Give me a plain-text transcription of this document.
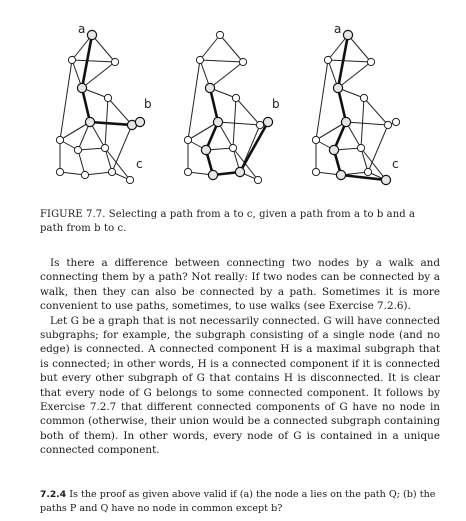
a
b
c
b
a
c
FIGURE 7.7. Selecting a path from a to c, given a path from a to b and a path from b to c.

Is there a difference between connecting two nodes by a walk and connecting them by a path? Not really: If two nodes can be connected by a walk, then they can also be connected by a path. Sometimes it is more convenient to use paths, sometimes, to use walks (see Exercise 7.2.6).

Let G be a graph that is not necessarily connected. G will have connected subgraphs; for example, the subgraph consisting of a single node (and no edge) is connected. A connected component H is a maximal subgraph that is connected; in other words, H is a connected component if it is connected but every other subgraph of G that contains H is disconnected. It is clear that every node of G belongs to some connected component. It follows by Exercise 7.2.7 that different connected components of G have no node in common (otherwise, their union would be a connected subgraph containing both of them). In other words, every node of G is contained in a unique connected component.

7.2.4 Is the proof as given above valid if (a) the node a lies on the path Q; (b) the paths P and Q have no node in common except b?
